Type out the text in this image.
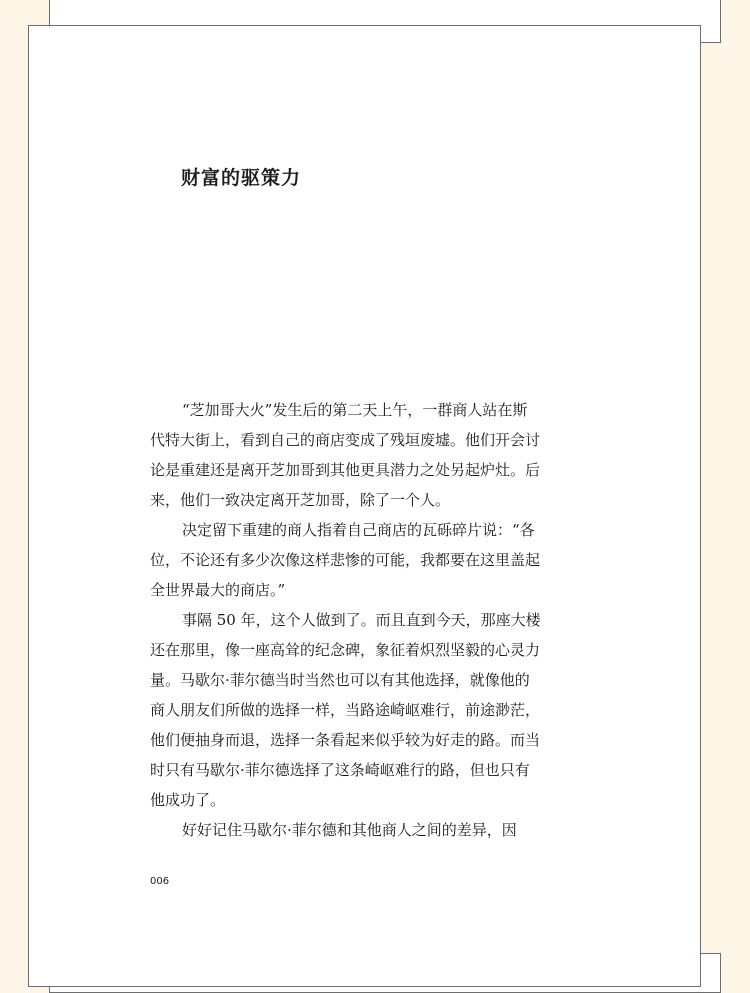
财富的驱策力
“芝加哥大火”发生后的第二天上午，一群商人站在斯
代特大街上，看到自己的商店变成了残垣废墟。他们开会讨
论是重建还是离开芝加哥到其他更具潜力之处另起炉灶。后
来，他们一致决定离开芝加哥，除了一个人。
决定留下重建的商人指着自己商店的瓦砾碎片说：“各
位，不论还有多少次像这样悲惨的可能，我都要在这里盖起
全世界最大的商店。”
事隔 50 年，这个人做到了。而且直到今天，那座大楼
还在那里，像一座高耸的纪念碑，象征着炽烈坚毅的心灵力
量。马歇尔·菲尔德当时当然也可以有其他选择，就像他的
商人朋友们所做的选择一样，当路途崎岖难行，前途渺茫，
他们便抽身而退，选择一条看起来似乎较为好走的路。而当
时只有马歇尔·菲尔德选择了这条崎岖难行的路，但也只有
他成功了。
好好记住马歇尔·菲尔德和其他商人之间的差异，因
006
